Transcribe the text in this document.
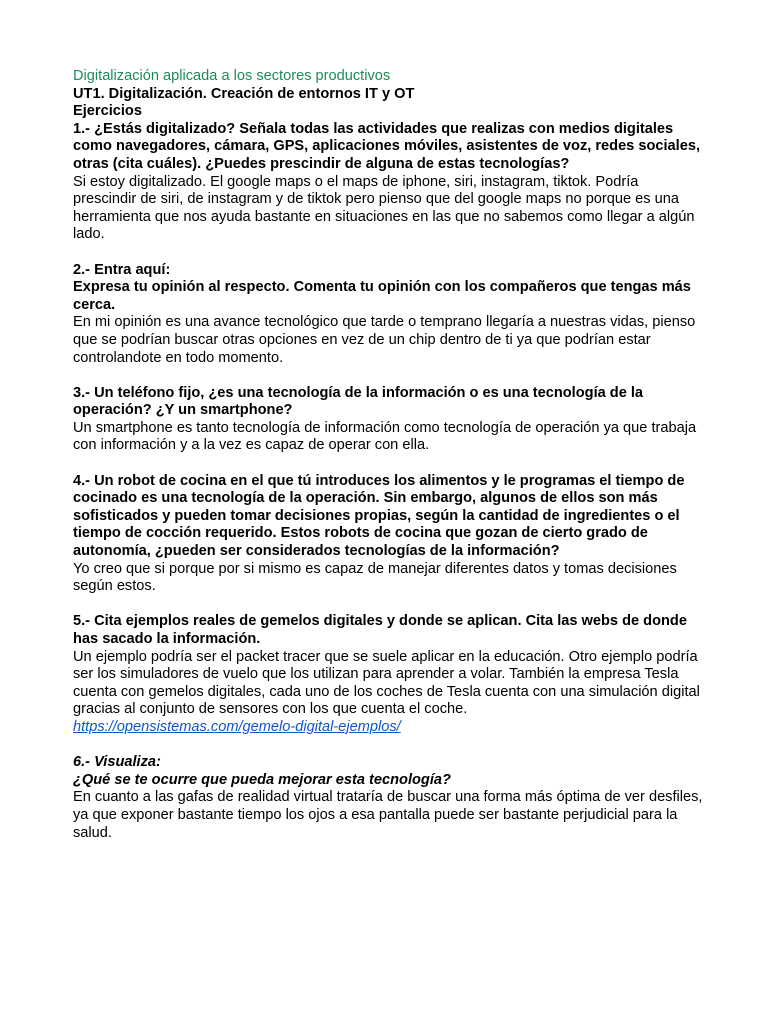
Digitalización aplicada a los sectores productivos

UT1. Digitalización. Creación de entornos IT y OT

Ejercicios

1.- ¿Estás digitalizado? Señala todas las actividades que realizas con medios digitales como navegadores, cámara, GPS, aplicaciones móviles, asistentes de voz, redes sociales, otras (cita cuáles). ¿Puedes prescindir de alguna de estas tecnologías?

Si estoy digitalizado. El google maps o el maps de iphone, siri, instagram, tiktok. Podría prescindir de siri, de instagram y de tiktok pero pienso que del google maps no porque es una herramienta que nos ayuda bastante en situaciones en las que no sabemos como llegar a algún lado.

2.- Entra aquí:

Expresa tu opinión al respecto. Comenta tu opinión con los compañeros que tengas más cerca.

En mi opinión es una avance tecnológico que tarde o temprano llegaría a nuestras vidas, pienso que se podrían buscar otras opciones en vez de un chip dentro de ti ya que podrían estar controlandote en todo momento.

3.- Un teléfono fijo, ¿es una tecnología de la información o es una tecnología de la operación? ¿Y un smartphone?

Un smartphone es tanto tecnología de información como tecnología de operación ya que trabaja con información y a la vez es capaz de operar con ella.

4.- Un robot de cocina en el que tú introduces los alimentos y le programas el tiempo de cocinado es una tecnología de la operación. Sin embargo, algunos de ellos son más sofisticados y pueden tomar decisiones propias, según la cantidad de ingredientes o el tiempo de cocción requerido. Estos robots de cocina que gozan de cierto grado de autonomía, ¿pueden ser considerados tecnologías de la información?

Yo creo que si porque por si mismo es capaz de manejar diferentes datos y tomas decisiones según estos.

5.- Cita ejemplos reales de gemelos digitales y donde se aplican. Cita las webs de donde has sacado la información.

Un ejemplo podría ser el packet tracer que se suele aplicar en la educación. Otro ejemplo podría ser los simuladores de vuelo que los utilizan para aprender a volar. También la empresa Tesla cuenta con gemelos digitales, cada uno de los coches de Tesla cuenta con una simulación digital gracias al conjunto de sensores con los que cuenta el coche.

https://opensistemas.com/gemelo-digital-ejemplos/

6.- Visualiza:

¿Qué se te ocurre que pueda mejorar esta tecnología?

En cuanto a las gafas de realidad virtual trataría de buscar una forma más óptima de ver desfiles, ya que exponer bastante tiempo los ojos a esa pantalla puede ser bastante perjudicial para la salud.
